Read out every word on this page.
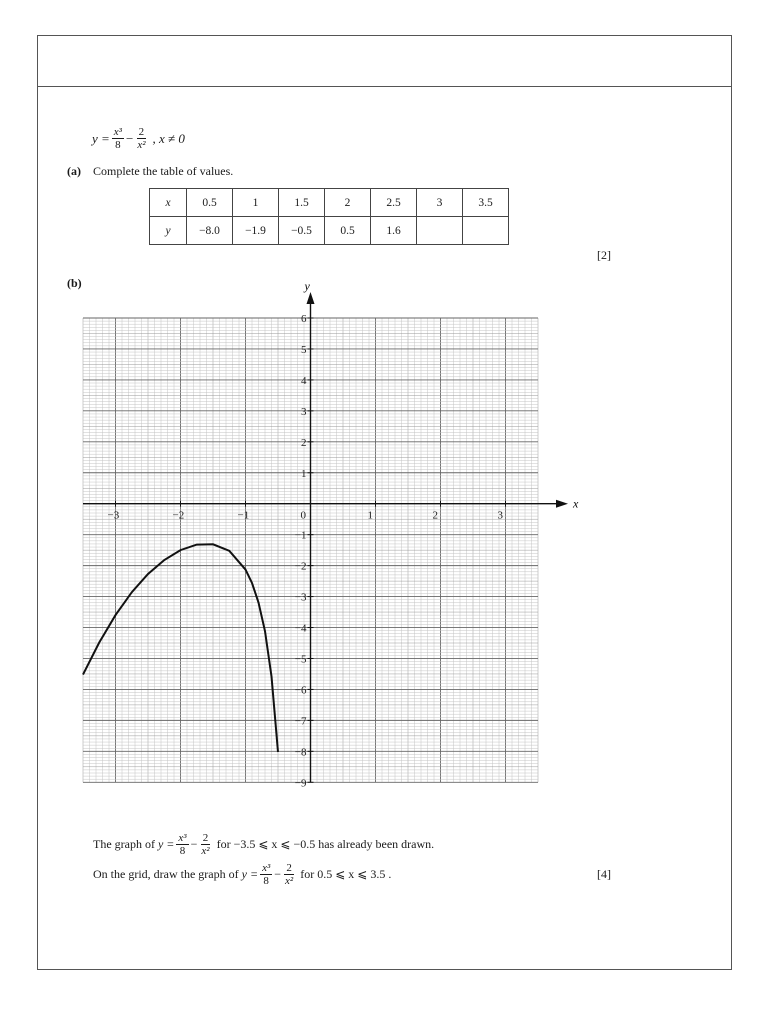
$y = \frac{\text{x³}}{8} - \frac{2}{\text{x²}}$ , x ≠ 0
(a) Complete the table of values.
x	0.5	1	1.5	2	2.5	3	3.5
y	−8.0	−1.9	−0.5	0.5	1.6		
[2]
(b)
x
y
−3	−2	−1	0	1	2	3
−9
−8
−7
−6
−5
−4
−3
−2
−1
1
2
3
4
5
6
The graph of $y = \frac{\text{x³}}{8} - \frac{2}{\text{x²}}$ for −3.5 ⩽ x ⩽ −0.5 has already been drawn.
On the grid, draw the graph of $y = \frac{\text{x³}}{8} - \frac{2}{\text{x²}}$ for 0.5 ⩽ x ⩽ 3.5 .	[4]
